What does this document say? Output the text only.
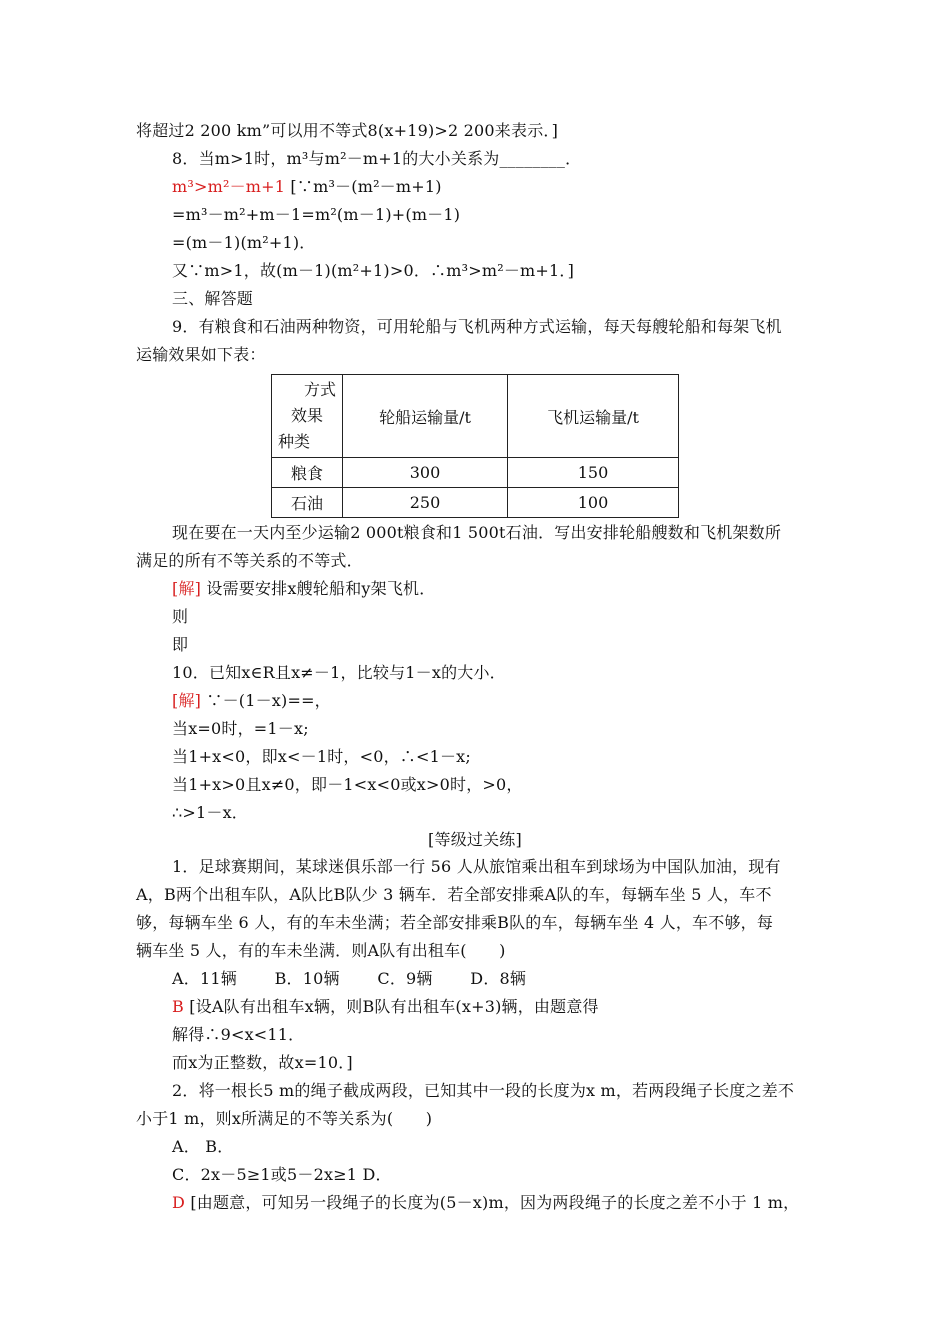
将超过2 200 km”可以用不等式8(x+19)>2 200来表示．]
8．当m>1时，m³与m²－m+1的大小关系为________．
m³>m²－m+1 [∵m³－(m²－m+1)
=m³－m²+m－1=m²(m－1)+(m－1)
=(m－1)(m²+1)．
又∵m>1，故(m－1)(m²+1)>0．∴m³>m²－m+1．]
三、解答题
9．有粮食和石油两种物资，可用轮船与飞机两种方式运输，每天每艘轮船和每架飞机
运输效果如下表：
方式
效果
种类	轮船运输量/t	飞机运输量/t
粮食	300	150
石油	250	100
现在要在一天内至少运输2 000t粮食和1 500t石油．写出安排轮船艘数和飞机架数所
满足的所有不等关系的不等式．
[解] 设需要安排x艘轮船和y架飞机．
则
即
10．已知x∈R且x≠－1，比较与1－x的大小．
[解] ∵－(1－x)==，
当x=0时，=1－x;
当1+x<0，即x<－1时，<0，∴<1－x;
当1+x>0且x≠0，即－1<x<0或x>0时，>0，
∴>1－x．
[等级过关练]
1．足球赛期间，某球迷俱乐部一行 56 人从旅馆乘出租车到球场为中国队加油，现有
A，B两个出租车队，A队比B队少 3 辆车．若全部安排乘A队的车，每辆车坐 5 人，车不
够，每辆车坐 6 人，有的车未坐满；若全部安排乘B队的车，每辆车坐 4 人，车不够，每
辆车坐 5 人，有的车未坐满．则A队有出租车(　　)
A．11辆　　 B．10辆　　 C．9辆　　 D．8辆
B [设A队有出租车x辆，则B队有出租车(x+3)辆，由题意得
解得∴9<x<11．
而x为正整数，故x=10．]
2．将一根长5 m的绳子截成两段，已知其中一段的长度为x m，若两段绳子长度之差不
小于1 m，则x所满足的不等关系为(　　)
A． B．
C．2x－5≥1或5－2x≥1 D．
D [由题意，可知另一段绳子的长度为(5－x)m，因为两段绳子的长度之差不小于 1 m，
